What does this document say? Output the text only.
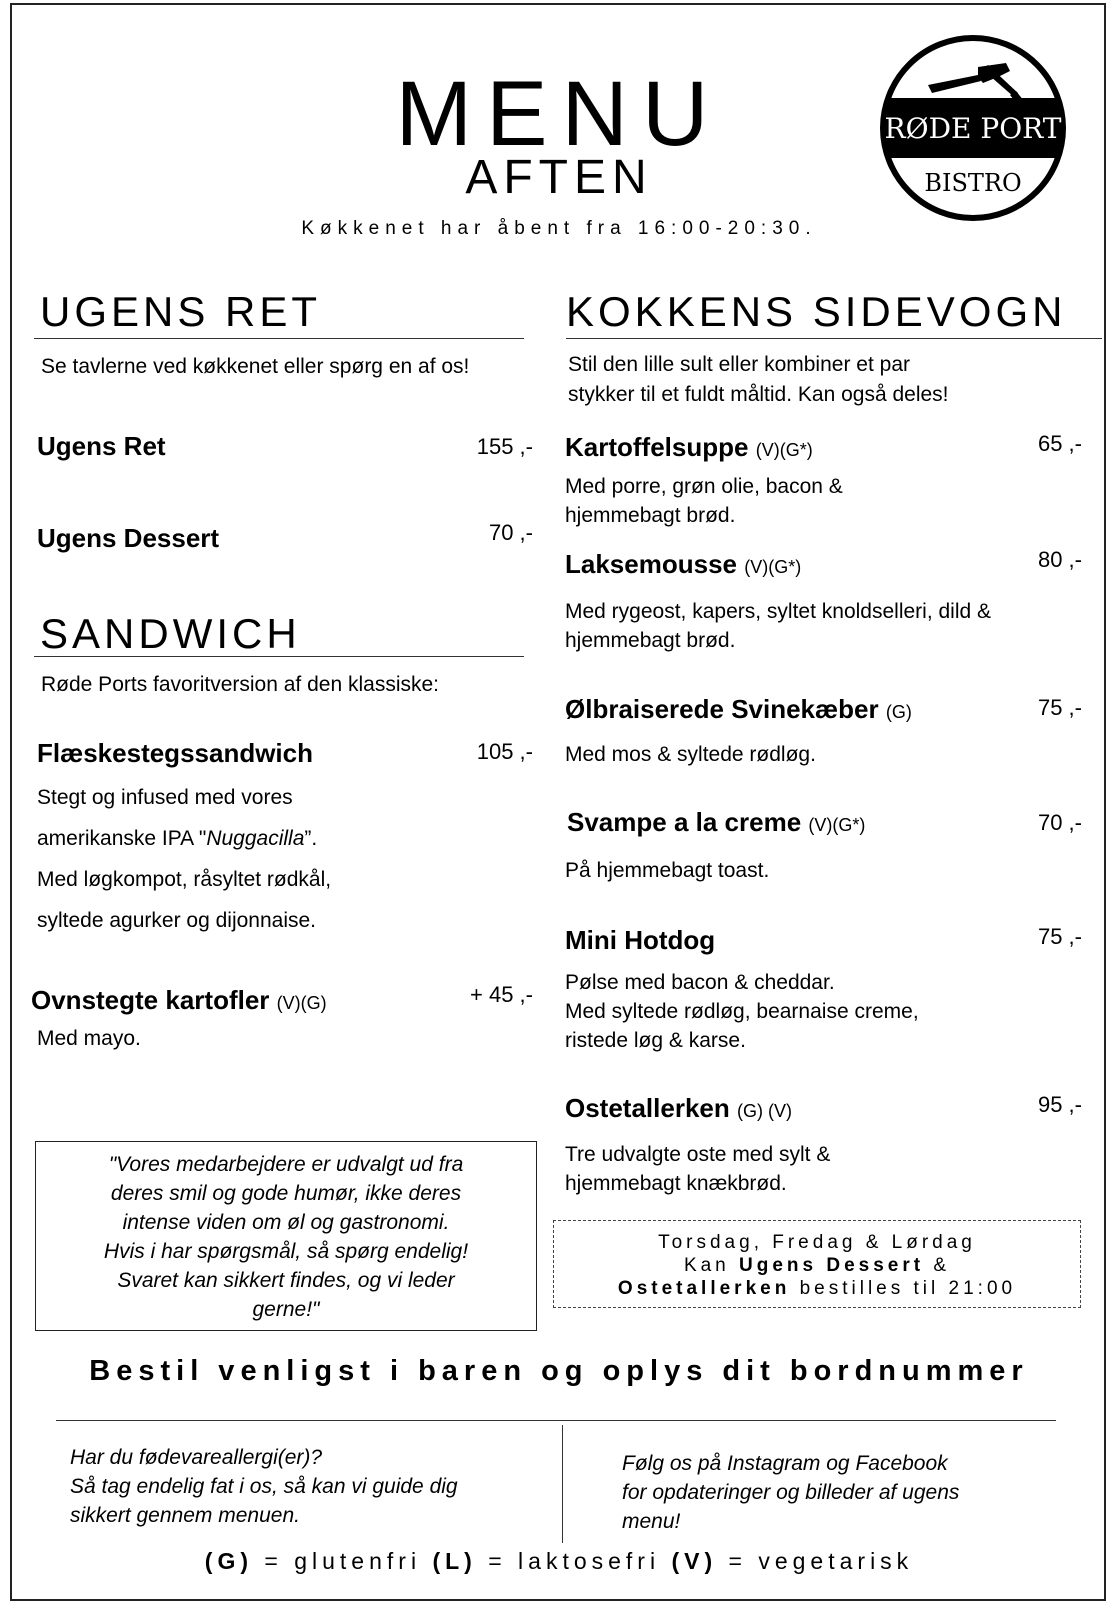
MENU
AFTEN
Køkkenet har åbent fra 16:00-20:30.
RØDE PORT
BISTRO
UGENS RET
Se tavlerne ved køkkenet eller spørg en af os!
Ugens Ret	155 ,-
Ugens Dessert	70 ,-
SANDWICH
Røde Ports favoritversion af den klassiske:
Flæskestegssandwich	105 ,-
Stegt og infused med vores
amerikanske IPA "Nuggacilla”.
Med løgkompot, råsyltet rødkål,
syltede agurker og dijonnaise.
Ovnstegte kartofler (V)(G)	+ 45 ,-
Med mayo.
KOKKENS SIDEVOGN
Stil den lille sult eller kombiner et par
stykker til et fuldt måltid. Kan også deles!
Kartoffelsuppe (V)(G*)	65 ,-
Med porre, grøn olie, bacon &
hjemmebagt brød.
Laksemousse (V)(G*)	80 ,-
Med rygeost, kapers, syltet knoldselleri, dild &
hjemmebagt brød.
Ølbraiserede Svinekæber (G)	75 ,-
Med mos & syltede rødløg.
Svampe a la creme (V)(G*)	70 ,-
På hjemmebagt toast.
Mini Hotdog	75 ,-
Pølse med bacon & cheddar.
Med syltede rødløg, bearnaise creme,
ristede løg & karse.
Ostetallerken (G) (V)	95 ,-
Tre udvalgte oste med sylt &
hjemmebagt knækbrød.
"Vores medarbejdere er udvalgt ud fra
deres smil og gode humør, ikke deres
intense viden om øl og gastronomi.
Hvis i har spørgsmål, så spørg endelig!
Svaret kan sikkert findes, og vi leder
gerne!"
Torsdag, Fredag & Lørdag
Kan Ugens Dessert &
Ostetallerken bestilles til 21:00
Bestil venligst i baren og oplys dit bordnummer
Har du fødevareallergi(er)?
Så tag endelig fat i os, så kan vi guide dig
sikkert gennem menuen.
Følg os på Instagram og Facebook
for opdateringer og billeder af ugens
menu!
(G) = glutenfri (L) = laktosefri (V) = vegetarisk
